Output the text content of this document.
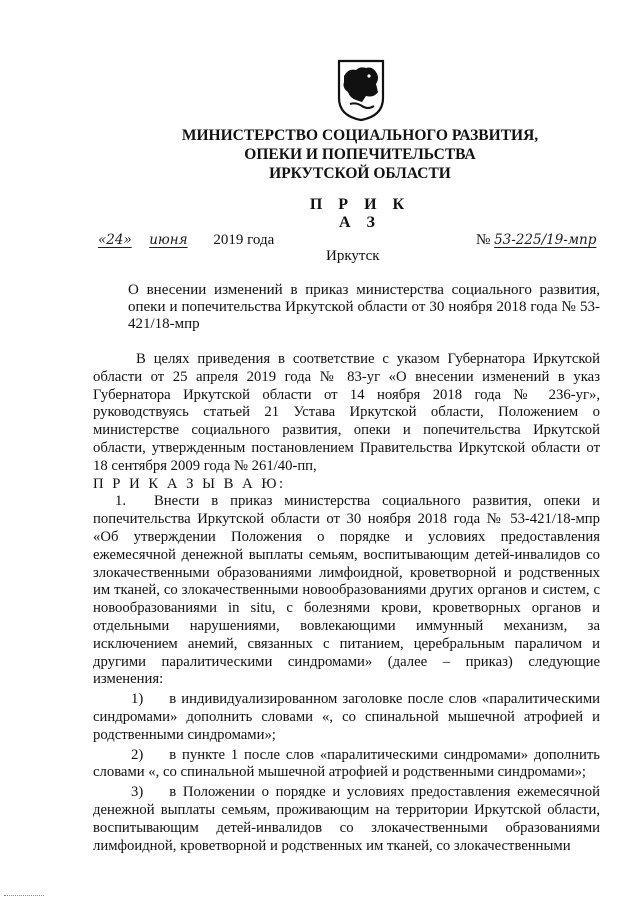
МИНИСТЕРСТВО СОЦИАЛЬНОГО РАЗВИТИЯ,
ОПЕКИ И ПОПЕЧИТЕЛЬСТВА
ИРКУТСКОЙ ОБЛАСТИ
П Р И К А З
«24» июня 2019 года	№ 53-225/19-мпр
Иркутск
О внесении изменений в приказ министерства социального развития, опеки и попечительства Иркутской области от 30 ноября 2018 года № 53-421/18-мпр

В целях приведения в соответствие с указом Губернатора Иркутской области от 25 апреля 2019 года № 83-уг «О внесении изменений в указ Губернатора Иркутской области от 14 ноября 2018 года № 236-уг», руководствуясь статьей 21 Устава Иркутской области, Положением о министерстве социального развития, опеки и попечительства Иркутской области, утвержденным постановлением Правительства Иркутской области от 18 сентября 2009 года № 261/40-пп,

П Р И К А З Ы В А Ю:

1. Внести в приказ министерства социального развития, опеки и попечительства Иркутской области от 30 ноября 2018 года № 53-421/18-мпр «Об утверждении Положения о порядке и условиях предоставления ежемесячной денежной выплаты семьям, воспитывающим детей-инвалидов со злокачественными образованиями лимфоидной, кроветворной и родственных им тканей, со злокачественными новообразованиями других органов и систем, с новообразованиями in situ, с болезнями крови, кроветворных органов и отдельными нарушениями, вовлекающими иммунный механизм, за исключением анемий, связанных с питанием, церебральным параличом и другими паралитическими синдромами» (далее – приказ) следующие изменения:

1) в индивидуализированном заголовке после слов «паралитическими синдромами» дополнить словами «, со спинальной мышечной атрофией и родственными синдромами»;

2) в пункте 1 после слов «паралитическими синдромами» дополнить словами «, со спинальной мышечной атрофией и родственными синдромами»;

3) в Положении о порядке и условиях предоставления ежемесячной денежной выплаты семьям, проживающим на территории Иркутской области, воспитывающим детей-инвалидов со злокачественными образованиями лимфоидной, кроветворной и родственных им тканей, со злокачественными
